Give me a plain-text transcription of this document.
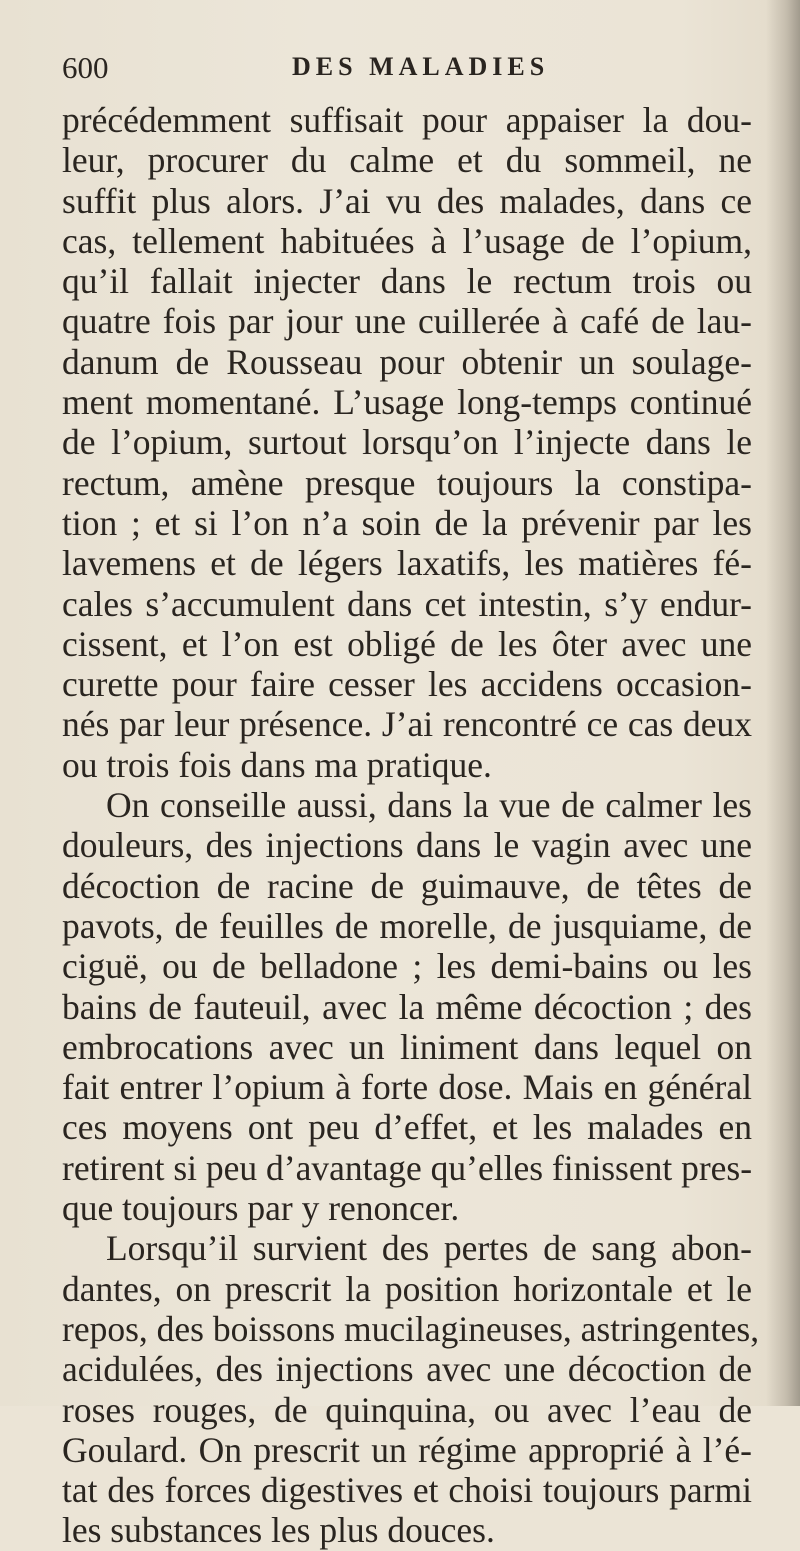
600	DES MALADIES
précédemment suffisait pour appaiser la dou-
leur, procurer du calme et du sommeil, ne
suffit plus alors. J’ai vu des malades, dans ce
cas, tellement habituées à l’usage de l’opium,
qu’il fallait injecter dans le rectum trois ou
quatre fois par jour une cuillerée à café de lau-
danum de Rousseau pour obtenir un soulage-
ment momentané. L’usage long-temps continué
de l’opium, surtout lorsqu’on l’injecte dans le
rectum, amène presque toujours la constipa-
tion ; et si l’on n’a soin de la prévenir par les
lavemens et de légers laxatifs, les matières fé-
cales s’accumulent dans cet intestin, s’y endur-
cissent, et l’on est obligé de les ôter avec une
curette pour faire cesser les accidens occasion-
nés par leur présence. J’ai rencontré ce cas deux
ou trois fois dans ma pratique.
On conseille aussi, dans la vue de calmer les
douleurs, des injections dans le vagin avec une
décoction de racine de guimauve, de têtes de
pavots, de feuilles de morelle, de jusquiame, de
ciguë, ou de belladone ; les demi-bains ou les
bains de fauteuil, avec la même décoction ; des
embrocations avec un liniment dans lequel on
fait entrer l’opium à forte dose. Mais en général
ces moyens ont peu d’effet, et les malades en
retirent si peu d’avantage qu’elles finissent pres-
que toujours par y renoncer.
Lorsqu’il survient des pertes de sang abon-
dantes, on prescrit la position horizontale et le
repos, des boissons mucilagineuses, astringentes,
acidulées, des injections avec une décoction de
roses rouges, de quinquina, ou avec l’eau de
Goulard. On prescrit un régime approprié à l’é-
tat des forces digestives et choisi toujours parmi
les substances les plus douces.
